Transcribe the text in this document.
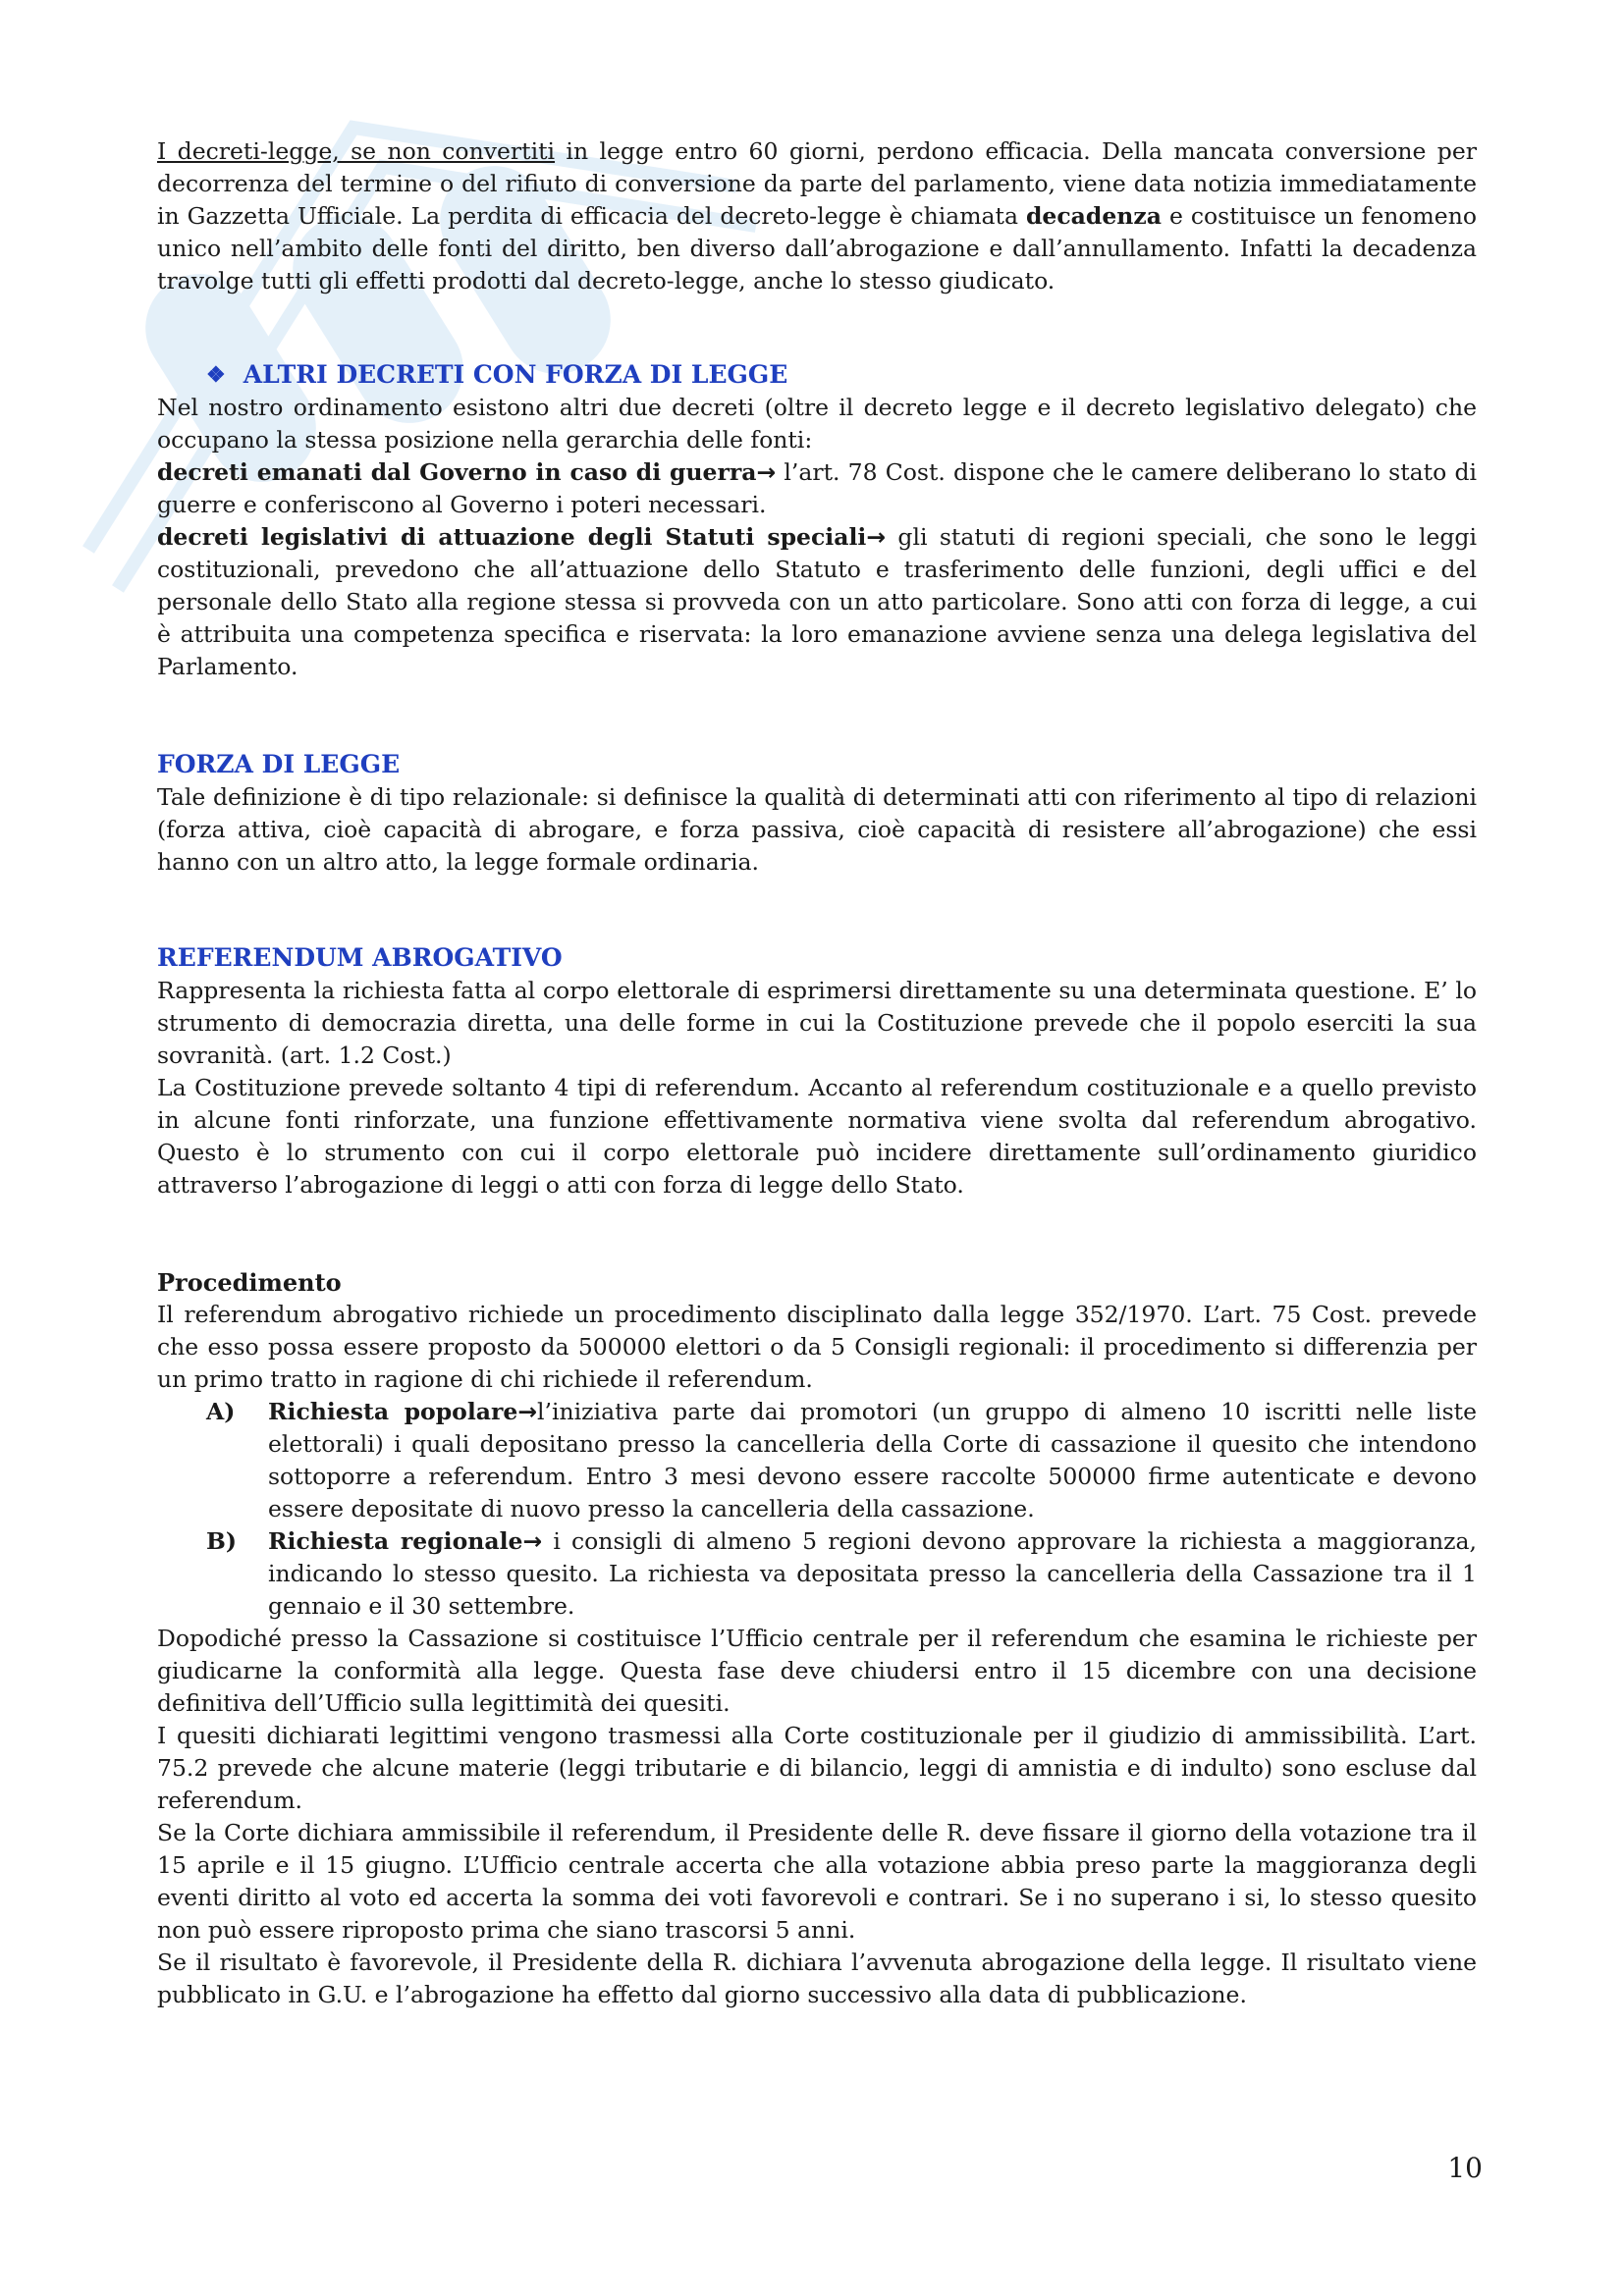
I decreti-legge, se non convertiti in legge entro 60 giorni, perdono efficacia. Della mancata conversione per decorrenza del termine o del rifiuto di conversione da parte del parlamento, viene data notizia immediatamente in Gazzetta Ufficiale. La perdita di efficacia del decreto-legge è chiamata decadenza e costituisce un fenomeno unico nell’ambito delle fonti del diritto, ben diverso dall’abrogazione e dall’annullamento. Infatti la decadenza travolge tutti gli effetti prodotti dal decreto-legge, anche lo stesso giudicato.

❖ ALTRI DECRETI CON FORZA DI LEGGE

Nel nostro ordinamento esistono altri due decreti (oltre il decreto legge e il decreto legislativo delegato) che occupano la stessa posizione nella gerarchia delle fonti:

decreti emanati dal Governo in caso di guerra→ l’art. 78 Cost. dispone che le camere deliberano lo stato di guerre e conferiscono al Governo i poteri necessari.

decreti legislativi di attuazione degli Statuti speciali→ gli statuti di regioni speciali, che sono le leggi costituzionali, prevedono che all’attuazione dello Statuto e trasferimento delle funzioni, degli uffici e del personale dello Stato alla regione stessa si provveda con un atto particolare. Sono atti con forza di legge, a cui è attribuita una competenza specifica e riservata: la loro emanazione avviene senza una delega legislativa del Parlamento.

FORZA DI LEGGE

Tale definizione è di tipo relazionale: si definisce la qualità di determinati atti con riferimento al tipo di relazioni (forza attiva, cioè capacità di abrogare, e forza passiva, cioè capacità di resistere all’abrogazione) che essi hanno con un altro atto, la legge formale ordinaria.

REFERENDUM ABROGATIVO

Rappresenta la richiesta fatta al corpo elettorale di esprimersi direttamente su una determinata questione. E’ lo strumento di democrazia diretta, una delle forme in cui la Costituzione prevede che il popolo eserciti la sua sovranità. (art. 1.2 Cost.)

La Costituzione prevede soltanto 4 tipi di referendum. Accanto al referendum costituzionale e a quello previsto in alcune fonti rinforzate, una funzione effettivamente normativa viene svolta dal referendum abrogativo. Questo è lo strumento con cui il corpo elettorale può incidere direttamente sull’ordinamento giuridico attraverso l’abrogazione di leggi o atti con forza di legge dello Stato.

Procedimento

Il referendum abrogativo richiede un procedimento disciplinato dalla legge 352/1970. L’art. 75 Cost. prevede che esso possa essere proposto da 500000 elettori o da 5 Consigli regionali: il procedimento si differenzia per un primo tratto in ragione di chi richiede il referendum.

A)	Richiesta popolare→l’iniziativa parte dai promotori (un gruppo di almeno 10 iscritti nelle liste elettorali) i quali depositano presso la cancelleria della Corte di cassazione il quesito che intendono sottoporre a referendum. Entro 3 mesi devono essere raccolte 500000 firme autenticate e devono essere depositate di nuovo presso la cancelleria della cassazione.
B)	Richiesta regionale→ i consigli di almeno 5 regioni devono approvare la richiesta a maggioranza, indicando lo stesso quesito. La richiesta va depositata presso la cancelleria della Cassazione tra il 1 gennaio e il 30 settembre.

Dopodiché presso la Cassazione si costituisce l’Ufficio centrale per il referendum che esamina le richieste per giudicarne la conformità alla legge. Questa fase deve chiudersi entro il 15 dicembre con una decisione definitiva dell’Ufficio sulla legittimità dei quesiti.

I quesiti dichiarati legittimi vengono trasmessi alla Corte costituzionale per il giudizio di ammissibilità. L’art. 75.2 prevede che alcune materie (leggi tributarie e di bilancio, leggi di amnistia e di indulto) sono escluse dal referendum.

Se la Corte dichiara ammissibile il referendum, il Presidente delle R. deve fissare il giorno della votazione tra il 15 aprile e il 15 giugno. L’Ufficio centrale accerta che alla votazione abbia preso parte la maggioranza degli eventi diritto al voto ed accerta la somma dei voti favorevoli e contrari. Se i no superano i si, lo stesso quesito non può essere riproposto prima che siano trascorsi 5 anni.

Se il risultato è favorevole, il Presidente della R. dichiara l’avvenuta abrogazione della legge. Il risultato viene pubblicato in G.U. e l’abrogazione ha effetto dal giorno successivo alla data di pubblicazione.

10
